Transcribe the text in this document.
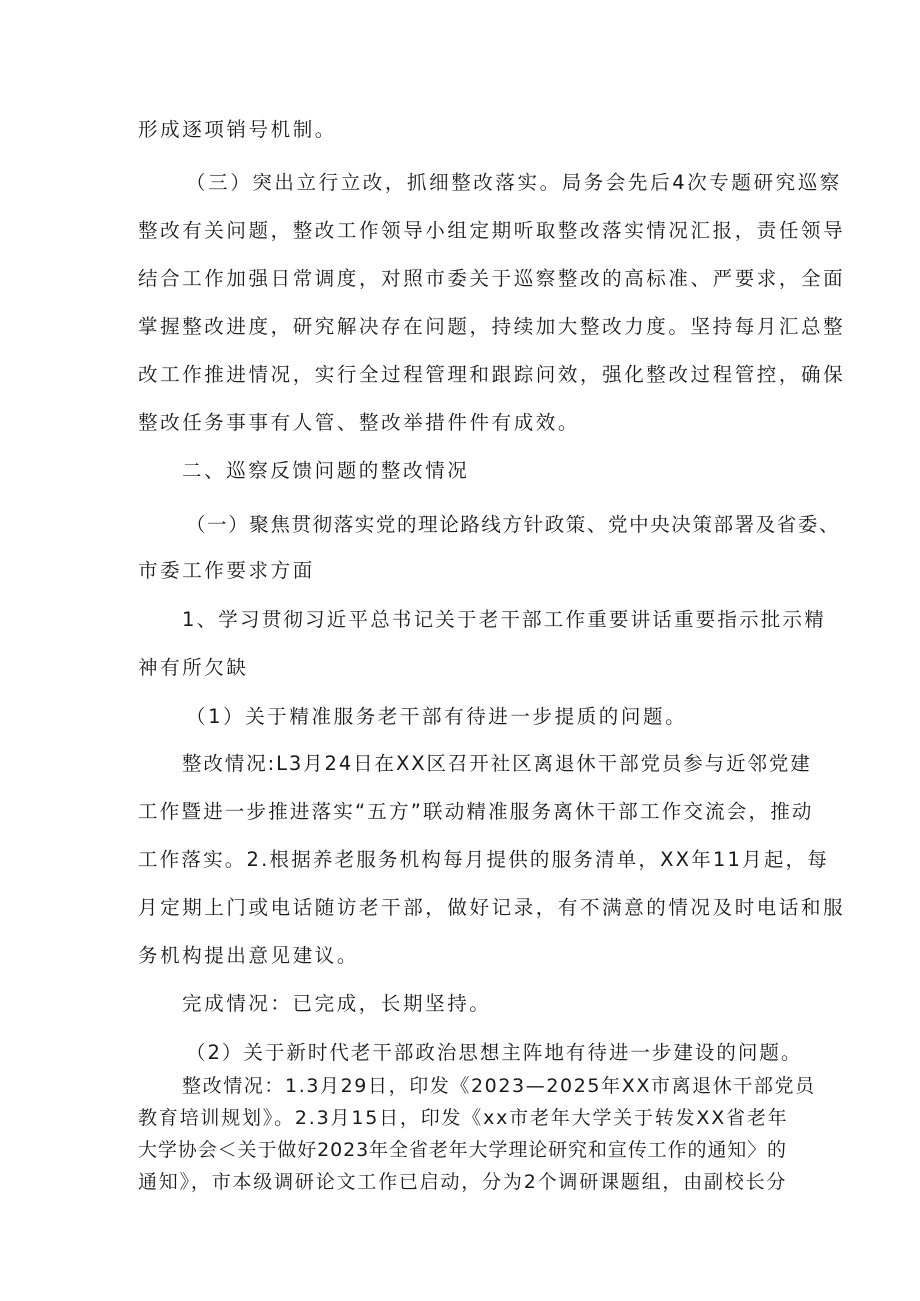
形成逐项销号机制。
（三）突出立行立改，抓细整改落实。局务会先后4次专题研究巡察
整改有关问题，整改工作领导小组定期听取整改落实情况汇报，责任领导
结合工作加强日常调度，对照市委关于巡察整改的高标准、严要求，全面
掌握整改进度，研究解决存在问题，持续加大整改力度。坚持每月汇总整
改工作推进情况，实行全过程管理和跟踪问效，强化整改过程管控，确保
整改任务事事有人管、整改举措件件有成效。
二、巡察反馈问题的整改情况
（一）聚焦贯彻落实党的理论路线方针政策、党中央决策部署及省委、
市委工作要求方面
1、学习贯彻习近平总书记关于老干部工作重要讲话重要指示批示精
神有所欠缺
（1）关于精准服务老干部有待进一步提质的问题。
整改情况:L3月24日在XX区召开社区离退休干部党员参与近邻党建
工作暨进一步推进落实“五方”联动精准服务离休干部工作交流会，推动
工作落实。2.根据养老服务机构每月提供的服务清单，XX年11月起，每
月定期上门或电话随访老干部，做好记录，有不满意的情况及时电话和服
务机构提出意见建议。
完成情况：已完成，长期坚持。
（2）关于新时代老干部政治思想主阵地有待进一步建设的问题。
整改情况：1.3月29日，印发《2023—2025年XX市离退休干部党员
教育培训规划》。2.3月15日，印发《xx市老年大学关于转发XX省老年
大学协会＜关于做好2023年全省老年大学理论研究和宣传工作的通知〉的
通知》，市本级调研论文工作已启动，分为2个调研课题组，由副校长分
